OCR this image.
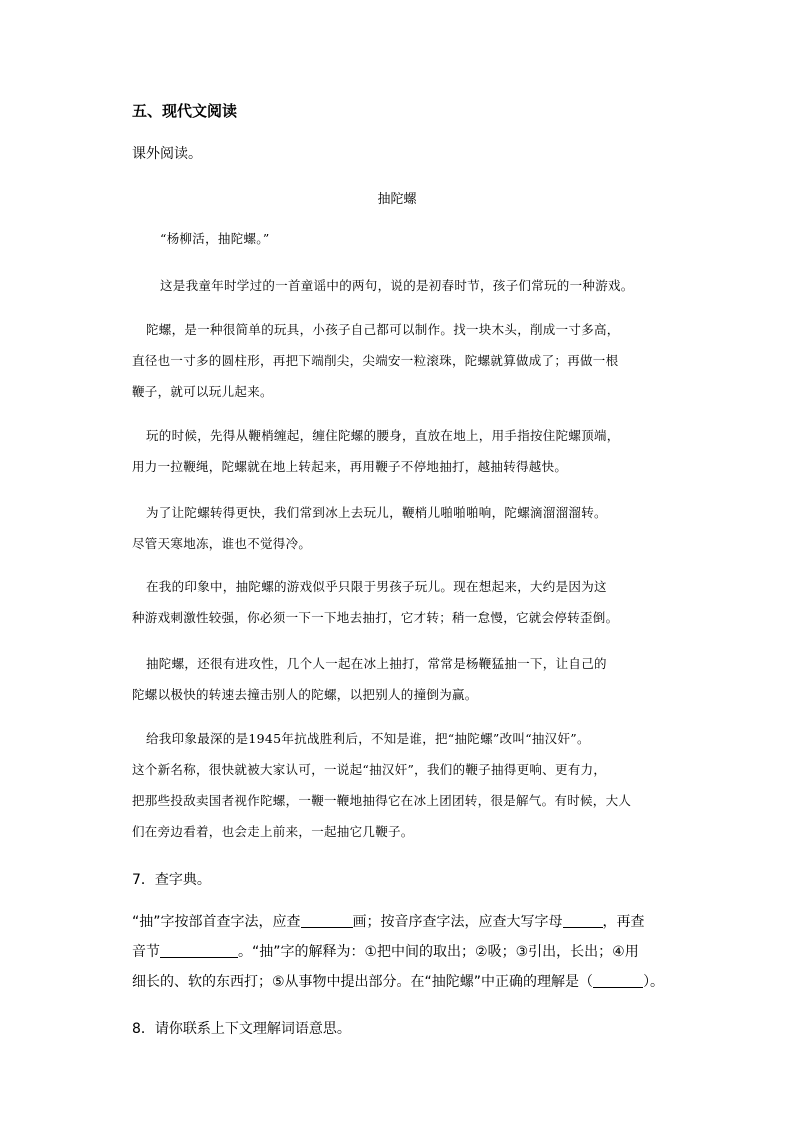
五、现代文阅读
课外阅读。
抽陀螺

“杨柳活，抽陀螺。”

这是我童年时学过的一首童谣中的两句，说的是初春时节，孩子们常玩的一种游戏。

陀螺，是一种很简单的玩具，小孩子自己都可以制作。找一块木头，削成一寸多高，

直径也一寸多的圆柱形，再把下端削尖，尖端安一粒滚珠，陀螺就算做成了；再做一根

鞭子，就可以玩儿起来。

玩的时候，先得从鞭梢缠起，缠住陀螺的腰身，直放在地上，用手指按住陀螺顶端，

用力一拉鞭绳，陀螺就在地上转起来，再用鞭子不停地抽打，越抽转得越快。

为了让陀螺转得更快，我们常到冰上去玩儿，鞭梢儿啪啪啪响，陀螺滴溜溜溜转。

尽管天寒地冻，谁也不觉得冷。

在我的印象中，抽陀螺的游戏似乎只限于男孩子玩儿。现在想起来，大约是因为这

种游戏刺激性较强，你必须一下一下地去抽打，它才转；稍一怠慢，它就会停转歪倒。

抽陀螺，还很有进攻性，几个人一起在冰上抽打，常常是杨鞭猛抽一下，让自己的

陀螺以极快的转速去撞击别人的陀螺，以把别人的撞倒为赢。

给我印象最深的是1945年抗战胜利后，不知是谁，把“抽陀螺”改叫“抽汉奸”。

这个新名称，很快就被大家认可，一说起“抽汉奸”，我们的鞭子抽得更响、更有力，

把那些投敌卖国者视作陀螺，一鞭一鞭地抽得它在冰上团团转，很是解气。有时候，大人

们在旁边看着，也会走上前来，一起抽它几鞭子。

7．查字典。
“抽”字按部首查字法，应查	画；按音序查字法，应查大写字母	，再查
音节	。“抽”字的解释为：①把中间的取出；②吸；③引出，长出；④用
细长的、软的东西打；⑤从事物中提出部分。在“抽陀螺”中正确的理解是（	）。
8．请你联系上下文理解词语意思。
